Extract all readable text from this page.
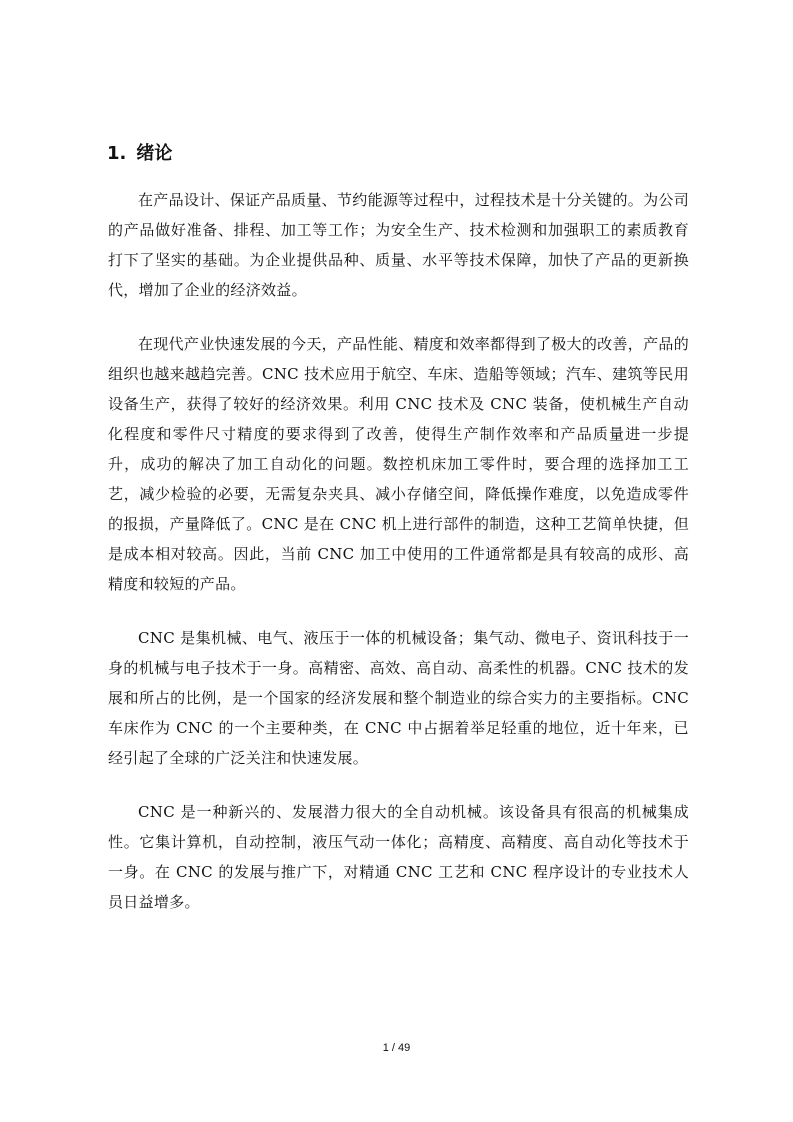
1. 绪论

在产品设计、保证产品质量、节约能源等过程中，过程技术是十分关键的。为公司的产品做好准备、排程、加工等工作；为安全生产、技术检测和加强职工的素质教育打下了坚实的基础。为企业提供品种、质量、水平等技术保障，加快了产品的更新换代，增加了企业的经济效益。

在现代产业快速发展的今天，产品性能、精度和效率都得到了极大的改善，产品的组织也越来越趋完善。CNC 技术应用于航空、车床、造船等领域；汽车、建筑等民用设备生产，获得了较好的经济效果。利用 CNC 技术及 CNC 装备，使机械生产自动化程度和零件尺寸精度的要求得到了改善，使得生产制作效率和产品质量进一步提升，成功的解决了加工自动化的问题。数控机床加工零件时，要合理的选择加工工艺，减少检验的必要，无需复杂夹具、减小存储空间，降低操作难度，以免造成零件的报损，产量降低了。CNC 是在 CNC 机上进行部件的制造，这种工艺简单快捷，但是成本相对较高。因此，当前 CNC 加工中使用的工件通常都是具有较高的成形、高精度和较短的产品。

CNC 是集机械、电气、液压于一体的机械设备；集气动、微电子、资讯科技于一身的机械与电子技术于一身。高精密、高效、高自动、高柔性的机器。CNC 技术的发展和所占的比例，是一个国家的经济发展和整个制造业的综合实力的主要指标。CNC 车床作为 CNC 的一个主要种类，在 CNC 中占据着举足轻重的地位，近十年来，已经引起了全球的广泛关注和快速发展。

CNC 是一种新兴的、发展潜力很大的全自动机械。该设备具有很高的机械集成性。它集计算机，自动控制，液压气动一体化；高精度、高精度、高自动化等技术于一身。在 CNC 的发展与推广下，对精通 CNC 工艺和 CNC 程序设计的专业技术人员日益增多。

1 / 49
